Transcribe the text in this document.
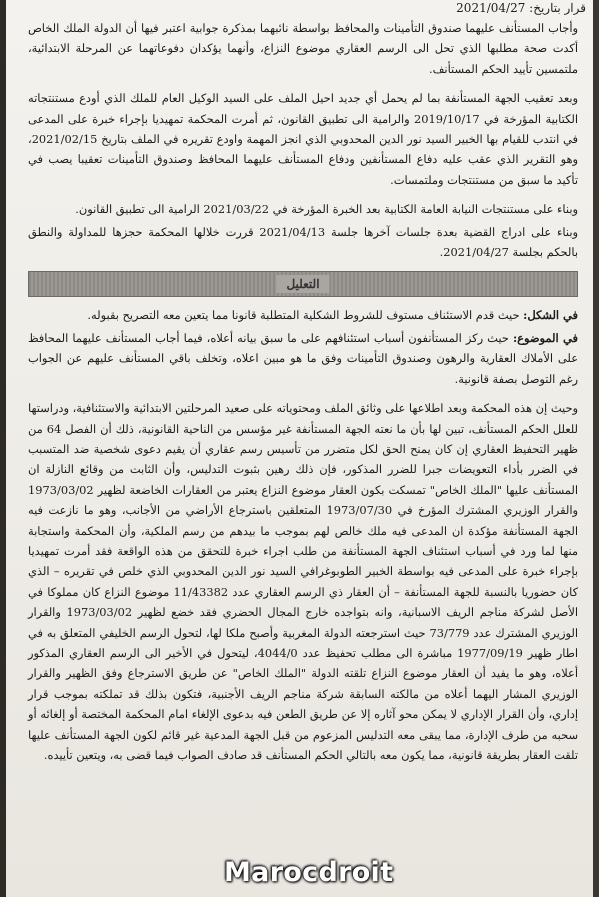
قرار بتاريخ: 2021/04/27

وأجاب المستأنف عليهما صندوق التأمينات والمحافظ بواسطة نائبهما بمذكرة جوابية اعتبر فيها أن الدولة الملك الخاص أكدت صحة مطلبها الذي تحل الى الرسم العقاري موضوع النزاع، وأنهما يؤكدان دفوعاتهما عن المرحلة الابتدائية، ملتمسين تأييد الحكم المستأنف.

وبعد تعقيب الجهة المستأنفة بما لم يحمل أي جديد احيل الملف على السيد الوكيل العام للملك الذي أودع مستنتجاته الكتابية المؤرخة في 2019/10/17 والرامية الى تطبيق القانون، ثم أمرت المحكمة تمهيديا بإجراء خبرة على المدعى في انتدب للقيام بها الخبير السيد نور الدين المحدوبي الذي انجز المهمة واودع تقريره في الملف بتاريخ 2021/02/15، وهو التقرير الذي عقب عليه دفاع المستأنفين ودفاع المستأنف عليهما المحافظ وصندوق التأمينات تعقيبا يصب في تأكيد ما سبق من مستنتجات وملتمسات.

وبناء على مستنتجات النيابة العامة الكتابية بعد الخبرة المؤرخة في 2021/03/22 الرامية الى تطبيق القانون.

وبناء على ادراج القضية بعدة جلسات آخرها جلسة 2021/04/13 قررت خلالها المحكمة حجزها للمداولة والنطق بالحكم بجلسة 2021/04/27.

التعليل

في الشكل: حيث قدم الاستئناف مستوف للشروط الشكلية المتطلبة قانونا مما يتعين معه التصريح بقبوله.

في الموضوع: حيث ركز المستأنفون أسباب استئنافهم على ما سبق بيانه أعلاه، فيما أجاب المستأنف عليهما المحافظ على الأملاك العقارية والرهون وصندوق التأمينات وفق ما هو مبين اعلاه، وتخلف باقي المستأنف عليهم عن الجواب رغم التوصل بصفة قانونية.

وحيث إن هذه المحكمة وبعد اطلاعها على وثائق الملف ومحتوياته على صعيد المرحلتين الابتدائية والاستئنافية، ودراستها للعلل الحكم المستأنف، تبين لها بأن ما نعته الجهة المستأنفة غير مؤسس من الناحية القانونية، ذلك أن الفصل 64 من ظهير التحفيظ العقاري إن كان يمنح الحق لكل متضرر من تأسيس رسم عقاري أن يقيم دعوى شخصية ضد المتسبب في الضرر بأداء التعويضات جبرا للضرر المذكور، فإن ذلك رهين بثبوت التدليس، وأن الثابت من وقائع النازلة ان المستأنف عليها "الملك الخاص" تمسكت بكون العقار موضوع النزاع يعتبر من العقارات الخاضعة لظهير 1973/03/02 والقرار الوزيري المشترك المؤرخ في 1973/07/30 المتعلقين باسترجاع الأراضي من الأجانب، وهو ما نازعت فيه الجهة المستأنفة مؤكدة ان المدعى فيه ملك خالص لهم بموجب ما بيدهم من رسم الملكية، وأن المحكمة واستجابة منها لما ورد في أسباب استئناف الجهة المستأنفة من طلب اجراء خبرة للتحقق من هذه الواقعة فقد أمرت تمهيديا بإجراء خبرة على المدعى فيه بواسطة الخبير الطوبوغرافي السيد نور الدين المحدوبي الذي خلص في تقريره – الذي كان حضوريا بالنسبة للجهة المستأنفة – أن العقار ذي الرسم العقاري عدد 11/43382 موضوع النزاع كان مملوكا في الأصل لشركة مناجم الريف الاسبانية، وانه بتواجده خارج المجال الحضري فقد خضع لظهير 1973/03/02 والقرار الوزيري المشترك عدد 73/779 حيث استرجعته الدولة المغربية وأصبح ملكا لها، لتحول الرسم الخليفي المتعلق به في اطار ظهير 1977/09/19 مباشرة الى مطلب تحفيظ عدد 4044/0، ليتحول في الأخير الى الرسم العقاري المذكور أعلاه، وهو ما يفيد أن العقار موضوع النزاع تلقته الدولة "الملك الخاص" عن طريق الاسترجاع وفق الظهير والقرار الوزيري المشار اليهما أعلاه من مالكته السابقة شركة مناجم الريف الأجنبية، فتكون بذلك قد تملكته بموجب قرار إداري، وأن القرار الإداري لا يمكن محو آثاره إلا عن طريق الطعن فيه بدعوى الإلغاء امام المحكمة المختصة أو إلغائه أو سحبه من طرف الإدارة، مما يبقى معه التدليس المزعوم من قبل الجهة المدعية غير قائم لكون الجهة المستأنف عليها تلقت العقار بطريقة قانونية، مما يكون معه بالتالي الحكم المستأنف قد صادف الصواب فيما قضى به، ويتعين تأييده.

Marocdroit
